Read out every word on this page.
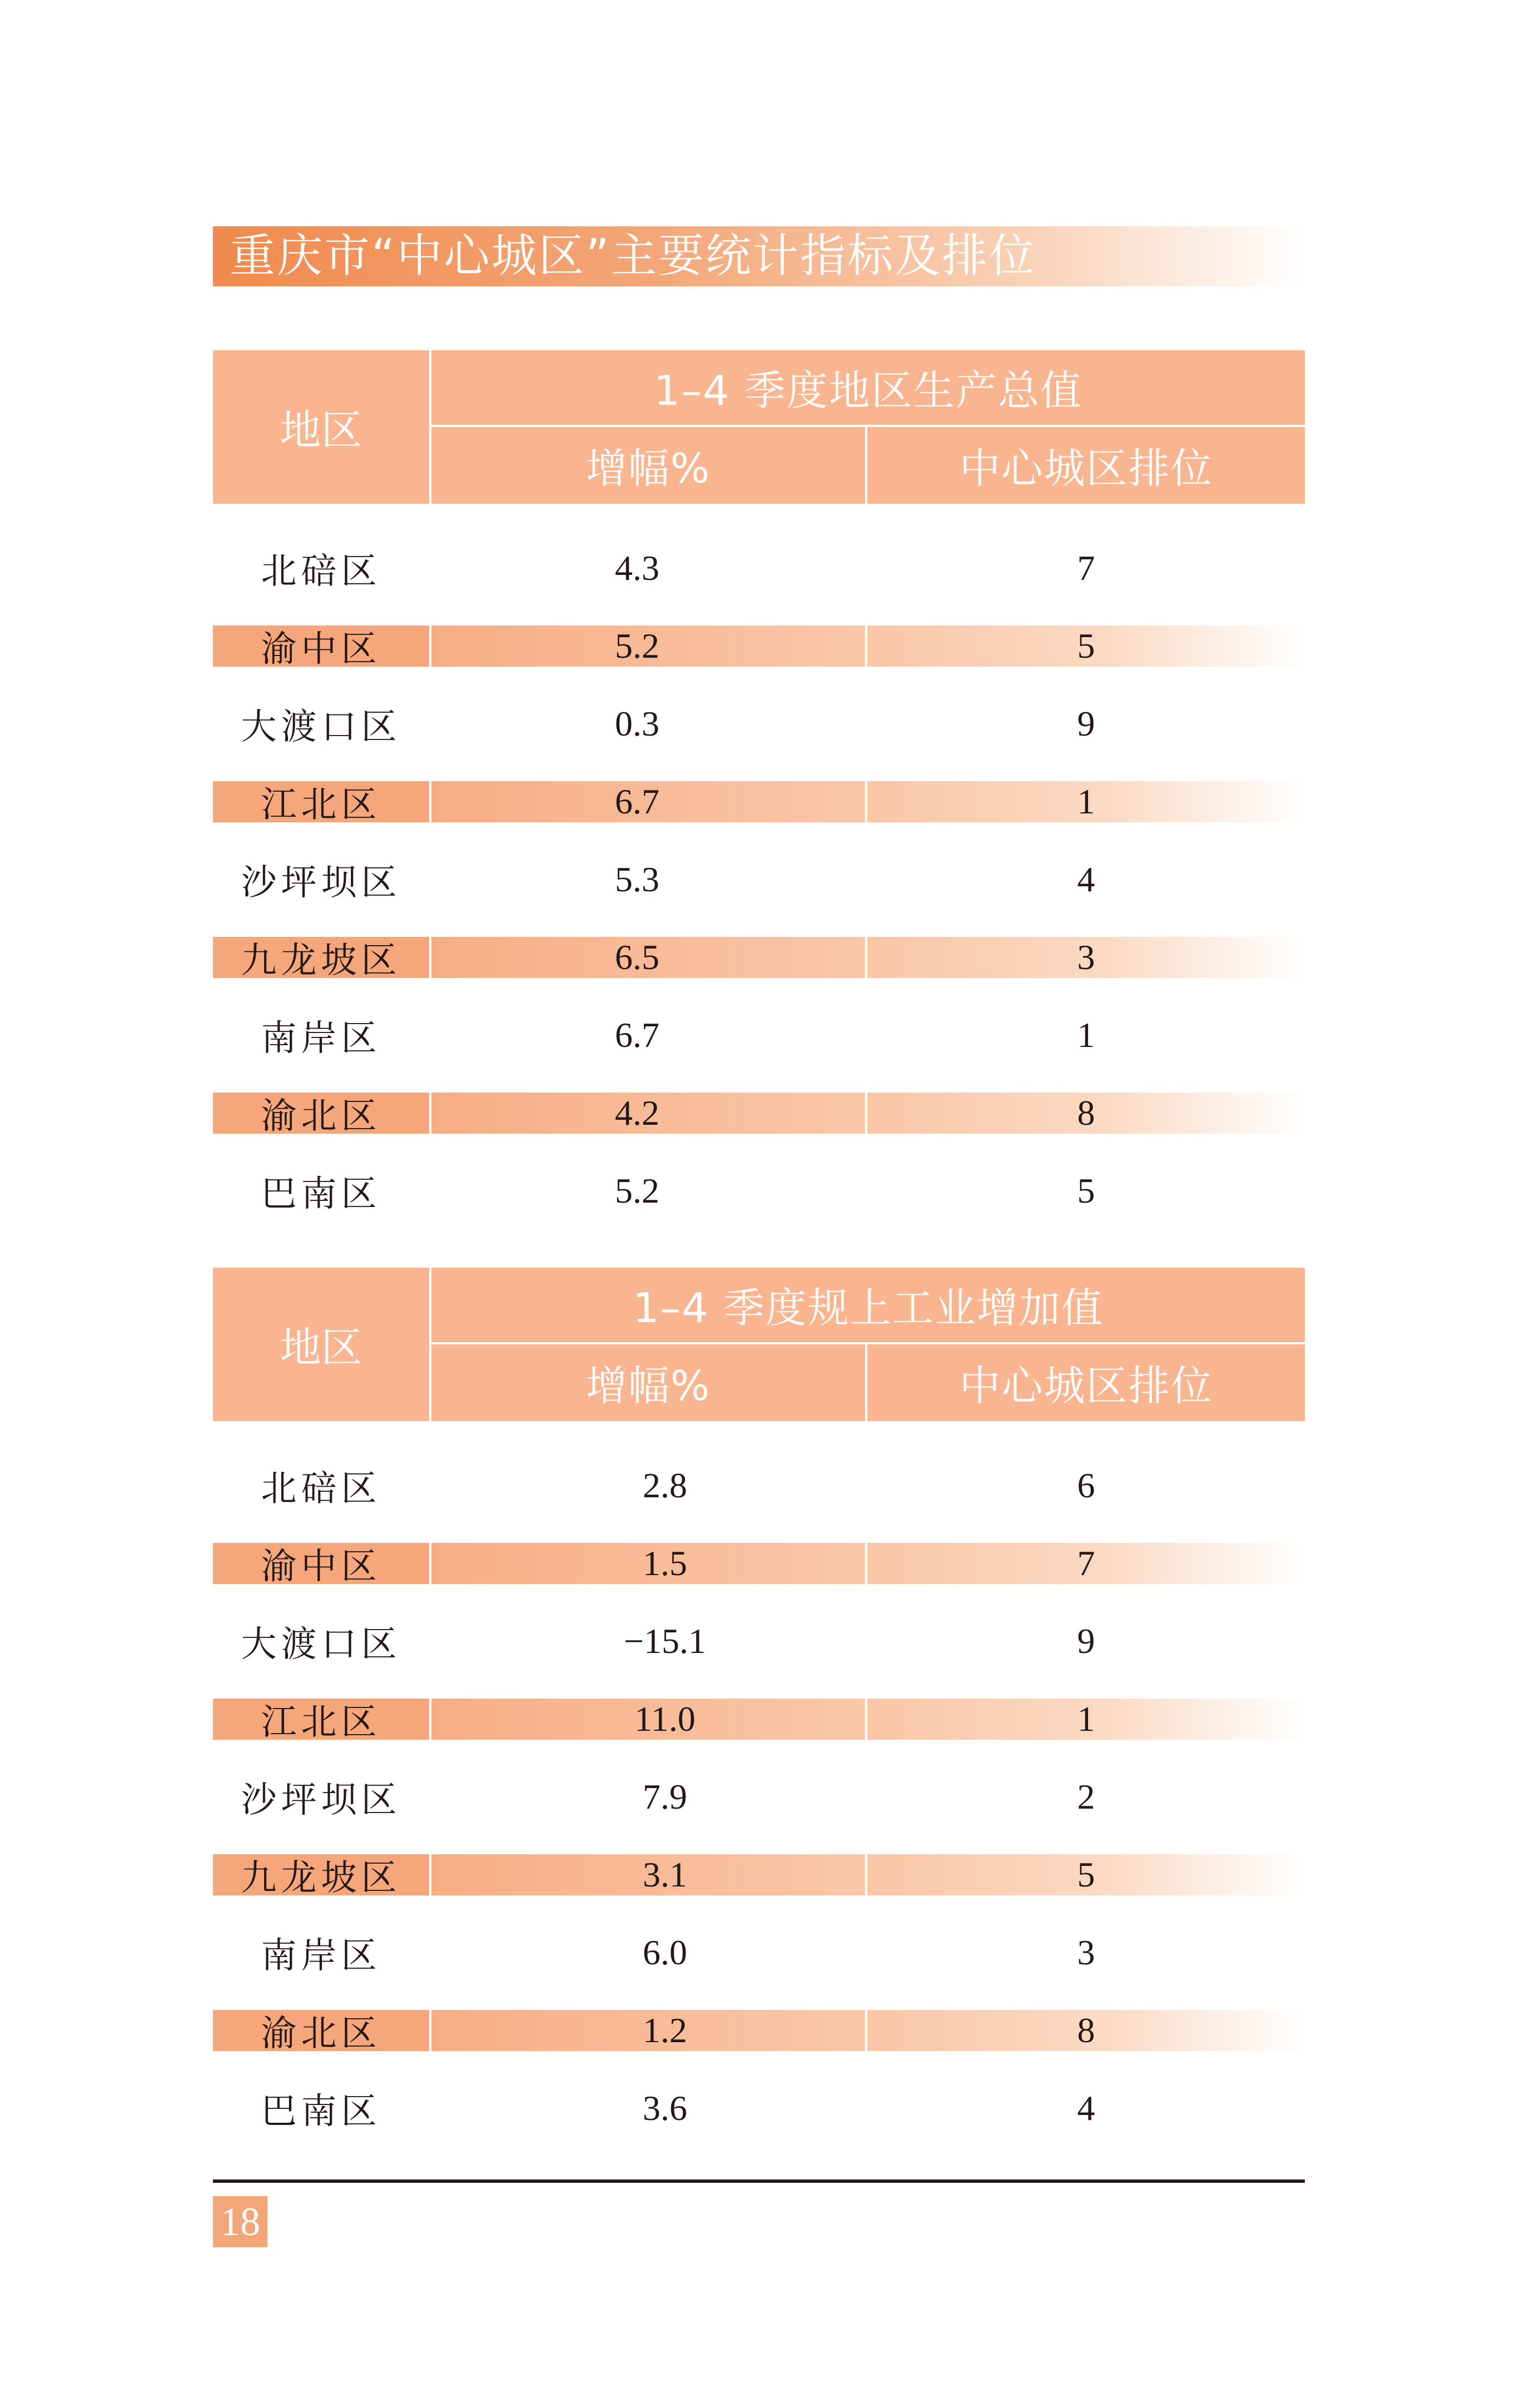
重庆市“中心城区”主要统计指标及排位
地区
1–4 季度地区生产总值
增幅%	中心城区排位
北碚区	4.3	7
渝中区	5.2	5
大渡口区	0.3	9
江北区	6.7	1
沙坪坝区	5.3	4
九龙坡区	6.5	3
南岸区	6.7	1
渝北区	4.2	8
巴南区	5.2	5
地区
1–4 季度规上工业增加值
增幅%	中心城区排位
北碚区	2.8	6
渝中区	1.5	7
大渡口区	−15.1	9
江北区	11.0	1
沙坪坝区	7.9	2
九龙坡区	3.1	5
南岸区	6.0	3
渝北区	1.2	8
巴南区	3.6	4
18
